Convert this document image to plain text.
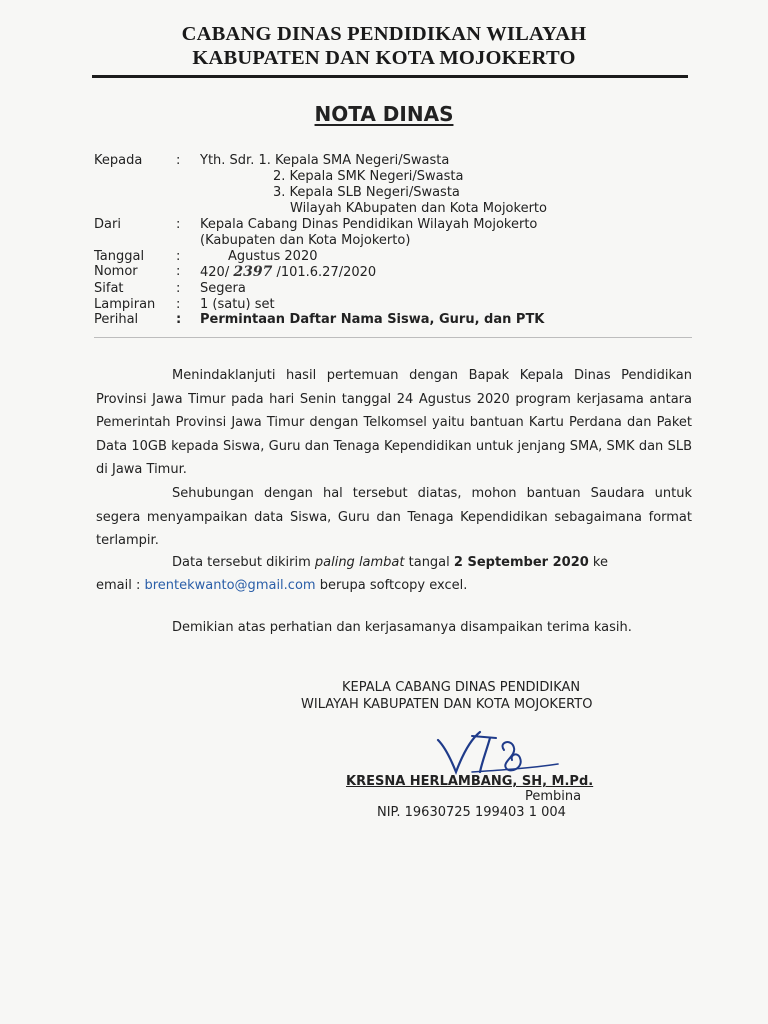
CABANG DINAS PENDIDIKAN WILAYAH
KABUPATEN DAN KOTA MOJOKERTO
NOTA DINAS
Kepada	: Yth. Sdr. 1. Kepala SMA Negeri/Swasta
2. Kepala SMK Negeri/Swasta
3. Kepala SLB Negeri/Swasta
Wilayah KAbupaten dan Kota Mojokerto
Dari	: Kepala Cabang Dinas Pendidikan Wilayah Mojokerto
(Kabupaten dan Kota Mojokerto)
Tanggal :	Agustus 2020
Nomor	: 420/ 2397 /101.6.27/2020
Sifat	: Segera
Lampiran : 1 (satu) set
Perihal	: Permintaan Daftar Nama Siswa, Guru, dan PTK
Menindaklanjuti hasil pertemuan dengan Bapak Kepala Dinas Pendidikan Provinsi Jawa Timur pada hari Senin tanggal 24 Agustus 2020 program kerjasama antara Pemerintah Provinsi Jawa Timur dengan Telkomsel yaitu bantuan Kartu Perdana dan Paket Data 10GB kepada Siswa, Guru dan Tenaga Kependidikan untuk jenjang SMA, SMK dan SLB di Jawa Timur.
Sehubungan dengan hal tersebut diatas, mohon bantuan Saudara untuk segera menyampaikan data Siswa, Guru dan Tenaga Kependidikan sebagaimana format terlampir.
Data tersebut dikirim paling lambat tangal 2 September 2020 ke
email : brentekwanto@gmail.com berupa softcopy excel.
Demikian atas perhatian dan kerjasamanya disampaikan terima kasih.
KEPALA CABANG DINAS PENDIDIKAN
WILAYAH KABUPATEN DAN KOTA MOJOKERTO
KRESNA HERLAMBANG, SH, M.Pd.
Pembina
NIP. 19630725 199403 1 004
